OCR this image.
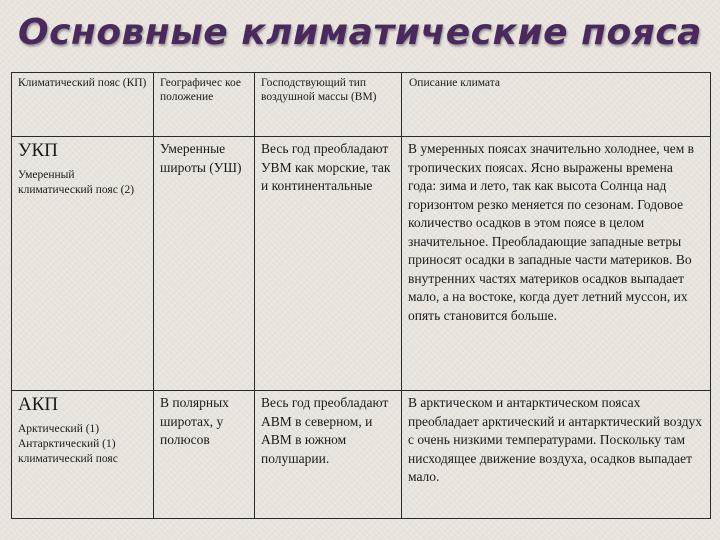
Основные климатические пояса
Климатический пояс (КП)	Географичес кое положение	Господствующий тип воздушной массы (ВМ)	Описание климата

УКП
Умеренный климатический пояс (2)	Умеренные широты (УШ)	Весь год преобладают УВМ как морские, так и континентальные	В умеренных поясах значительно холоднее, чем в тропических поясах. Ясно выражены времена года: зима и лето, так как высота Солнца над горизонтом резко меняется по сезонам. Годовое количество осадков в этом поясе в целом значительное. Преобладающие западные ветры приносят осадки в западные части материков. Во внутренних частях материков осадков выпадает мало, а на востоке, когда дует летний муссон, их опять становится больше.

АКП
Арктический (1) Антарктический (1) климатический пояс	В полярных широтах, у полюсов	Весь год преобладают АВМ в северном, и АВМ в южном полушарии.	В арктическом и антарктическом поясах преобладает арктический и антарктический воздух с очень низкими температурами. Поскольку там нисходящее движение воздуха, осадков выпадает мало.
